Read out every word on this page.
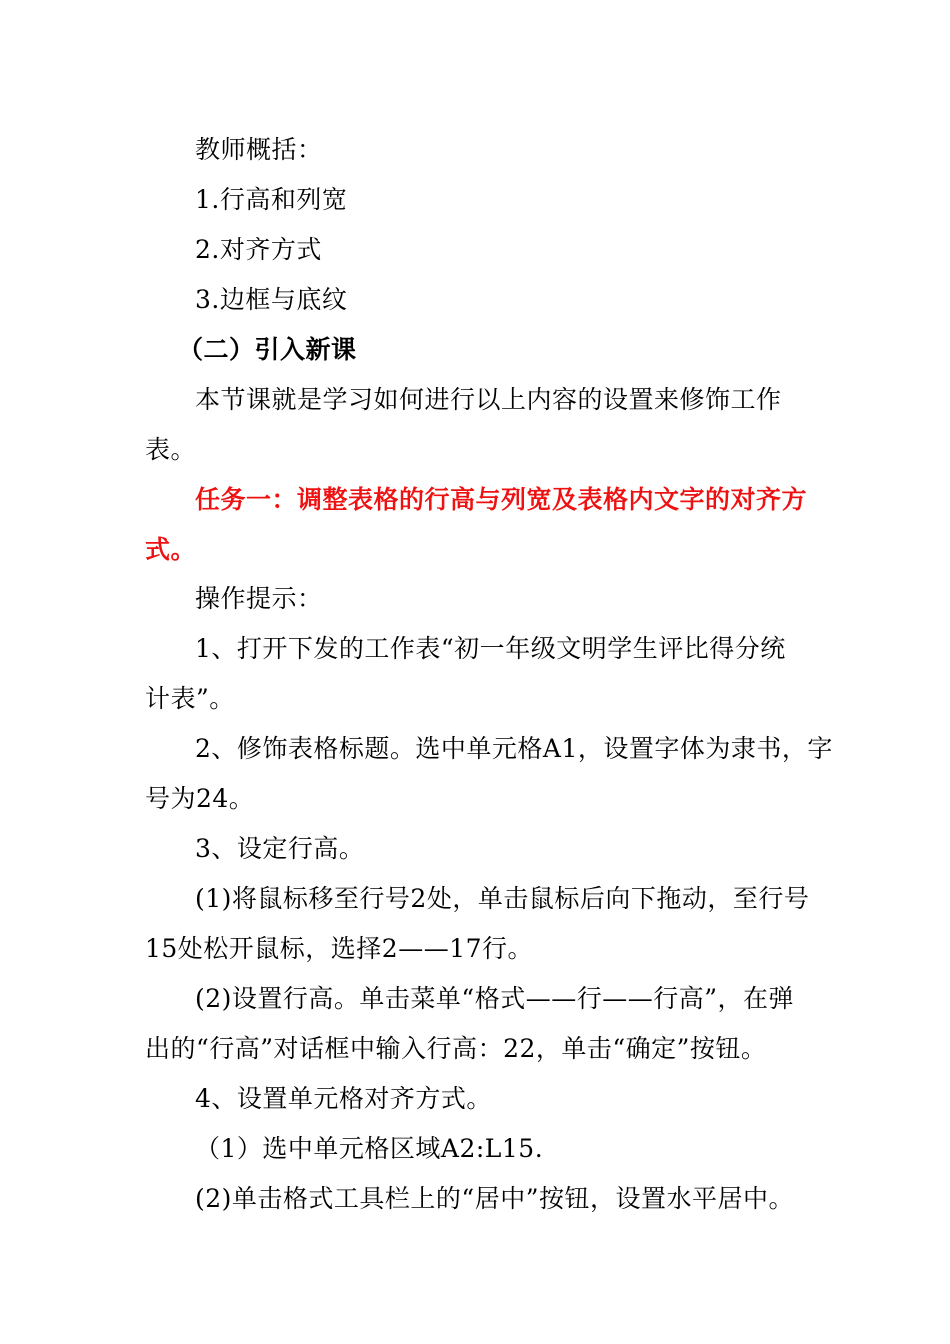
教师概括：
1.行高和列宽
2.对齐方式
3.边框与底纹
（二）引入新课
本节课就是学习如何进行以上内容的设置来修饰工作
表。
任务一：调整表格的行高与列宽及表格内文字的对齐方
式。
操作提示：
1、打开下发的工作表“初一年级文明学生评比得分统
计表”。
2、修饰表格标题。选中单元格A1，设置字体为隶书，字
号为24。
3、设定行高。
(1)将鼠标移至行号2处，单击鼠标后向下拖动，至行号
15处松开鼠标，选择2——17行。
(2)设置行高。单击菜单“格式——行——行高”，在弹
出的“行高”对话框中输入行高：22，单击“确定”按钮。
4、设置单元格对齐方式。
（1）选中单元格区域A2:L15.
(2)单击格式工具栏上的“居中”按钮，设置水平居中。
